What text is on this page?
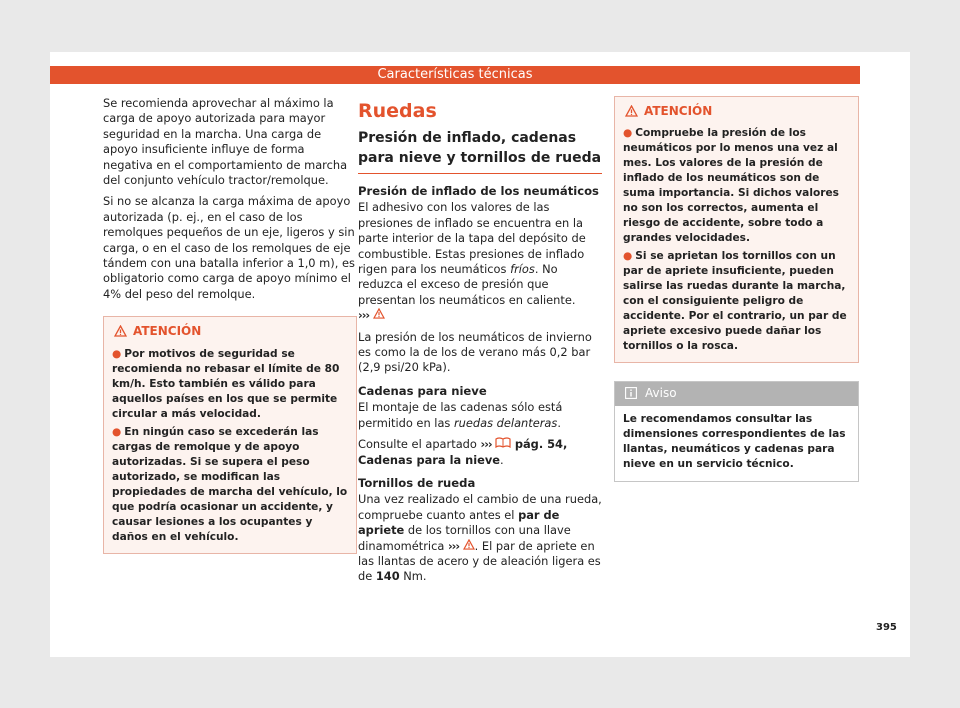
Características técnicas

Se recomienda aprovechar al máximo la carga de apoyo autorizada para mayor seguridad en la marcha. Una carga de apoyo insuficiente influye de forma negativa en el comportamiento de marcha del conjunto vehículo tractor/remolque.

Si no se alcanza la carga máxima de apoyo autorizada (p. ej., en el caso de los remolques pequeños de un eje, ligeros y sin carga, o en el caso de los remolques de eje tándem con una batalla inferior a 1,0 m), es obligatorio como carga de apoyo mínimo el 4% del peso del remolque.

ATENCIÓN
● Por motivos de seguridad se recomienda no rebasar el límite de 80 km/h. Esto también es válido para aquellos países en los que se permite circular a más velocidad.
● En ningún caso se excederán las cargas de remolque y de apoyo autorizadas. Si se supera el peso autorizado, se modifican las propiedades de marcha del vehículo, lo que podría ocasionar un accidente, y causar lesiones a los ocupantes y daños en el vehículo.
Ruedas
Presión de inflado, cadenas para nieve y tornillos de rueda
Presión de inflado de los neumáticos

El adhesivo con los valores de las presiones de inflado se encuentra en la parte interior de la tapa del depósito de combustible. Estas presiones de inflado rigen para los neumáticos fríos. No reduzca el exceso de presión que presentan los neumáticos en caliente.
›››

La presión de los neumáticos de invierno es como la de los de verano más 0,2 bar (2,9 psi/20 kPa).

Cadenas para nieve

El montaje de las cadenas sólo está permitido en las ruedas delanteras.

Consulte el apartado ››› pág. 54, Cadenas para la nieve.

Tornillos de rueda

Una vez realizado el cambio de una rueda, compruebe cuanto antes el par de apriete de los tornillos con una llave dinamométrica ››› . El par de apriete en las llantas de acero y de aleación ligera es de 140 Nm.

ATENCIÓN
● Compruebe la presión de los neumáticos por lo menos una vez al mes. Los valores de la presión de inflado de los neumáticos son de suma importancia. Si dichos valores no son los correctos, aumenta el riesgo de accidente, sobre todo a grandes velocidades.
● Si se aprietan los tornillos con un par de apriete insuficiente, pueden salirse las ruedas durante la marcha, con el consiguiente peligro de accidente. Por el contrario, un par de apriete excesivo puede dañar los tornillos o la rosca.
Aviso
Le recomendamos consultar las dimensiones correspondientes de las llantas, neumáticos y cadenas para nieve en un servicio técnico.
395
